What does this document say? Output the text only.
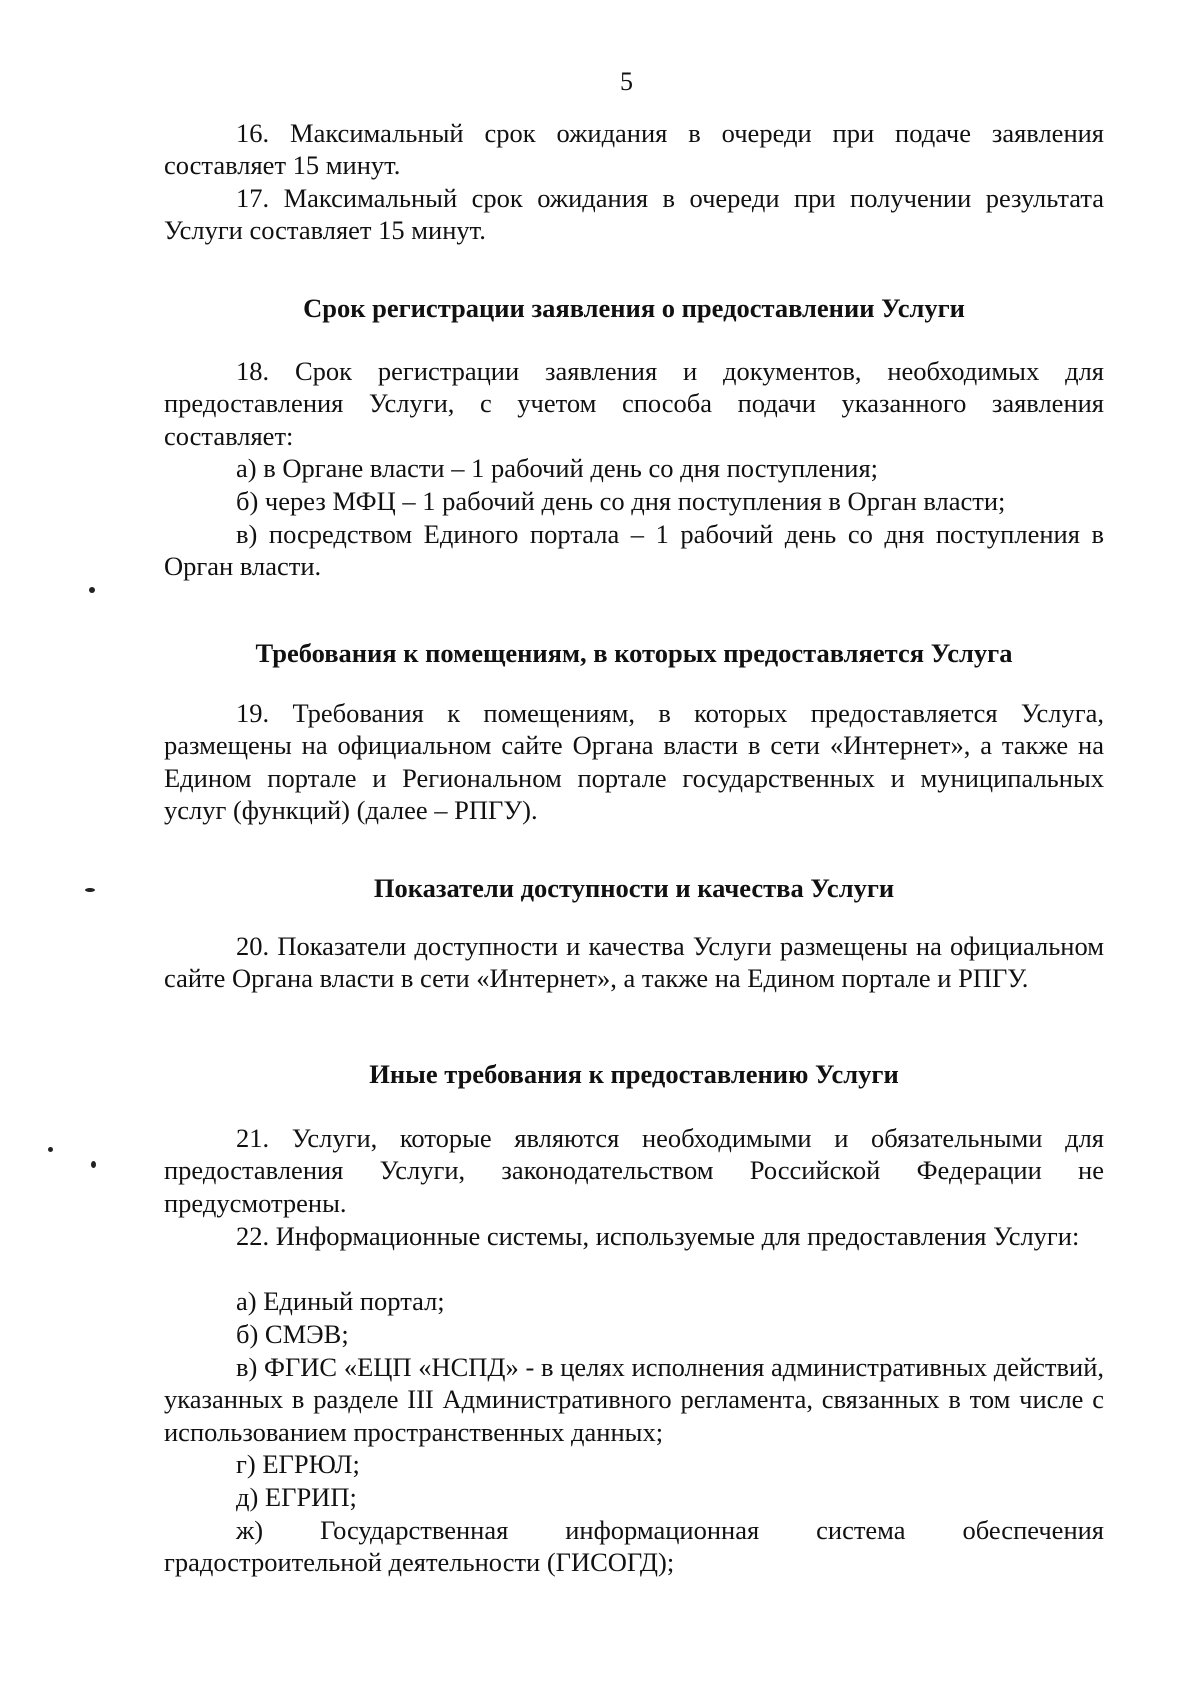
5
16. Максимальный срок ожидания в очереди при подаче заявления составляет 15 минут.
17. Максимальный срок ожидания в очереди при получении результата Услуги составляет 15 минут.
Срок регистрации заявления о предоставлении Услуги
18. Срок регистрации заявления и документов, необходимых для предоставления Услуги, с учетом способа подачи указанного заявления составляет:
а) в Органе власти – 1 рабочий день со дня поступления;
б) через МФЦ – 1 рабочий день со дня поступления в Орган власти;
в) посредством Единого портала – 1 рабочий день со дня поступления в Орган власти.
Требования к помещениям, в которых предоставляется Услуга
19. Требования к помещениям, в которых предоставляется Услуга, размещены на официальном сайте Органа власти в сети «Интернет», а также на Едином портале и Региональном портале государственных и муниципальных услуг (функций) (далее – РПГУ).
Показатели доступности и качества Услуги
20. Показатели доступности и качества Услуги размещены на официальном сайте Органа власти в сети «Интернет», а также на Едином портале и РПГУ.
Иные требования к предоставлению Услуги
21. Услуги, которые являются необходимыми и обязательными для предоставления Услуги, законодательством Российской Федерации не предусмотрены.
22. Информационные системы, используемые для предоставления Услуги:
а) Единый портал;
б) СМЭВ;
в) ФГИС «ЕЦП «НСПД» - в целях исполнения административных действий, указанных в разделе III Административного регламента, связанных в том числе с использованием пространственных данных;
г) ЕГРЮЛ;
д) ЕГРИП;
ж) Государственная информационная система обеспечения градостроительной деятельности (ГИСОГД);
